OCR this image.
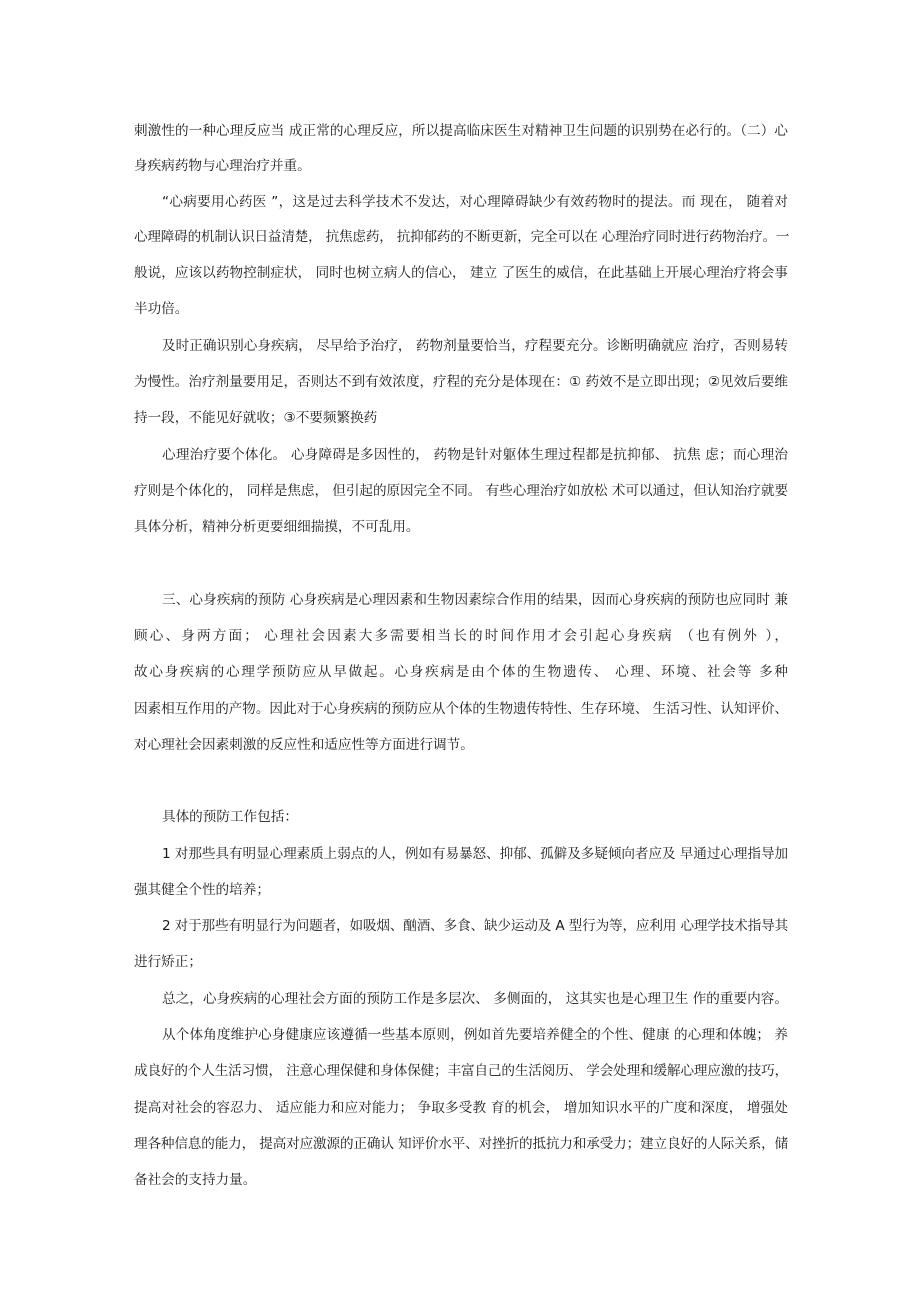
刺激性的一种心理反应当 成正常的心理反应，所以提高临床医生对精神卫生问题的识别势在必行的。（二）心

身疾病药物与心理治疗并重。

“心病要用心药医 ”，这是过去科学技术不发达，对心理障碍缺少有效药物时的提法。而 现在， 随着对

心理障碍的机制认识日益清楚， 抗焦虑药， 抗抑郁药的不断更新，完全可以在 心理治疗同时进行药物治疗。一

般说，应该以药物控制症状， 同时也树立病人的信心， 建立 了医生的威信，在此基础上开展心理治疗将会事

半功倍。

及时正确识别心身疾病， 尽早给予治疗， 药物剂量要恰当，疗程要充分。诊断明确就应 治疗，否则易转

为慢性。治疗剂量要用足，否则达不到有效浓度，疗程的充分是体现在：① 药效不是立即出现；②见效后要维

持一段，不能见好就收；③不要频繁换药

心理治疗要个体化。 心身障碍是多因性的， 药物是针对躯体生理过程都是抗抑郁、 抗焦 虑；而心理治

疗则是个体化的， 同样是焦虑， 但引起的原因完全不同。 有些心理治疗如放松 术可以通过，但认知治疗就要

具体分析，精神分析更要细细揣摸，不可乱用。

三、心身疾病的预防 心身疾病是心理因素和生物因素综合作用的结果，因而心身疾病的预防也应同时 兼

顾心、身两方面； 心理社会因素大多需要相当长的时间作用才会引起心身疾病 （也有例外 ），

故心身疾病的心理学预防应从早做起。心身疾病是由个体的生物遗传、 心理、环境、社会等 多种

因素相互作用的产物。因此对于心身疾病的预防应从个体的生物遗传特性、生存环境、 生活习性、认知评价、

对心理社会因素刺激的反应性和适应性等方面进行调节。

具体的预防工作包括：

1 对那些具有明显心理素质上弱点的人，例如有易暴怒、抑郁、孤僻及多疑倾向者应及 早通过心理指导加

强其健全个性的培养；

2 对于那些有明显行为问题者，如吸烟、酗酒、多食、缺少运动及 A 型行为等，应利用 心理学技术指导其

进行矫正；

总之，心身疾病的心理社会方面的预防工作是多层次、 多侧面的， 这其实也是心理卫生 作的重要内容。

从个体角度维护心身健康应该遵循一些基本原则，例如首先要培养健全的个性、健康 的心理和体魄； 养

成良好的个人生活习惯， 注意心理保健和身体保健；丰富自己的生活阅历、 学会处理和缓解心理应激的技巧，

提高对社会的容忍力、 适应能力和应对能力； 争取多受教 育的机会， 增加知识水平的广度和深度， 增强处

理各种信息的能力， 提高对应激源的正确认 知评价水平、对挫折的抵抗力和承受力；建立良好的人际关系，储

备社会的支持力量。
